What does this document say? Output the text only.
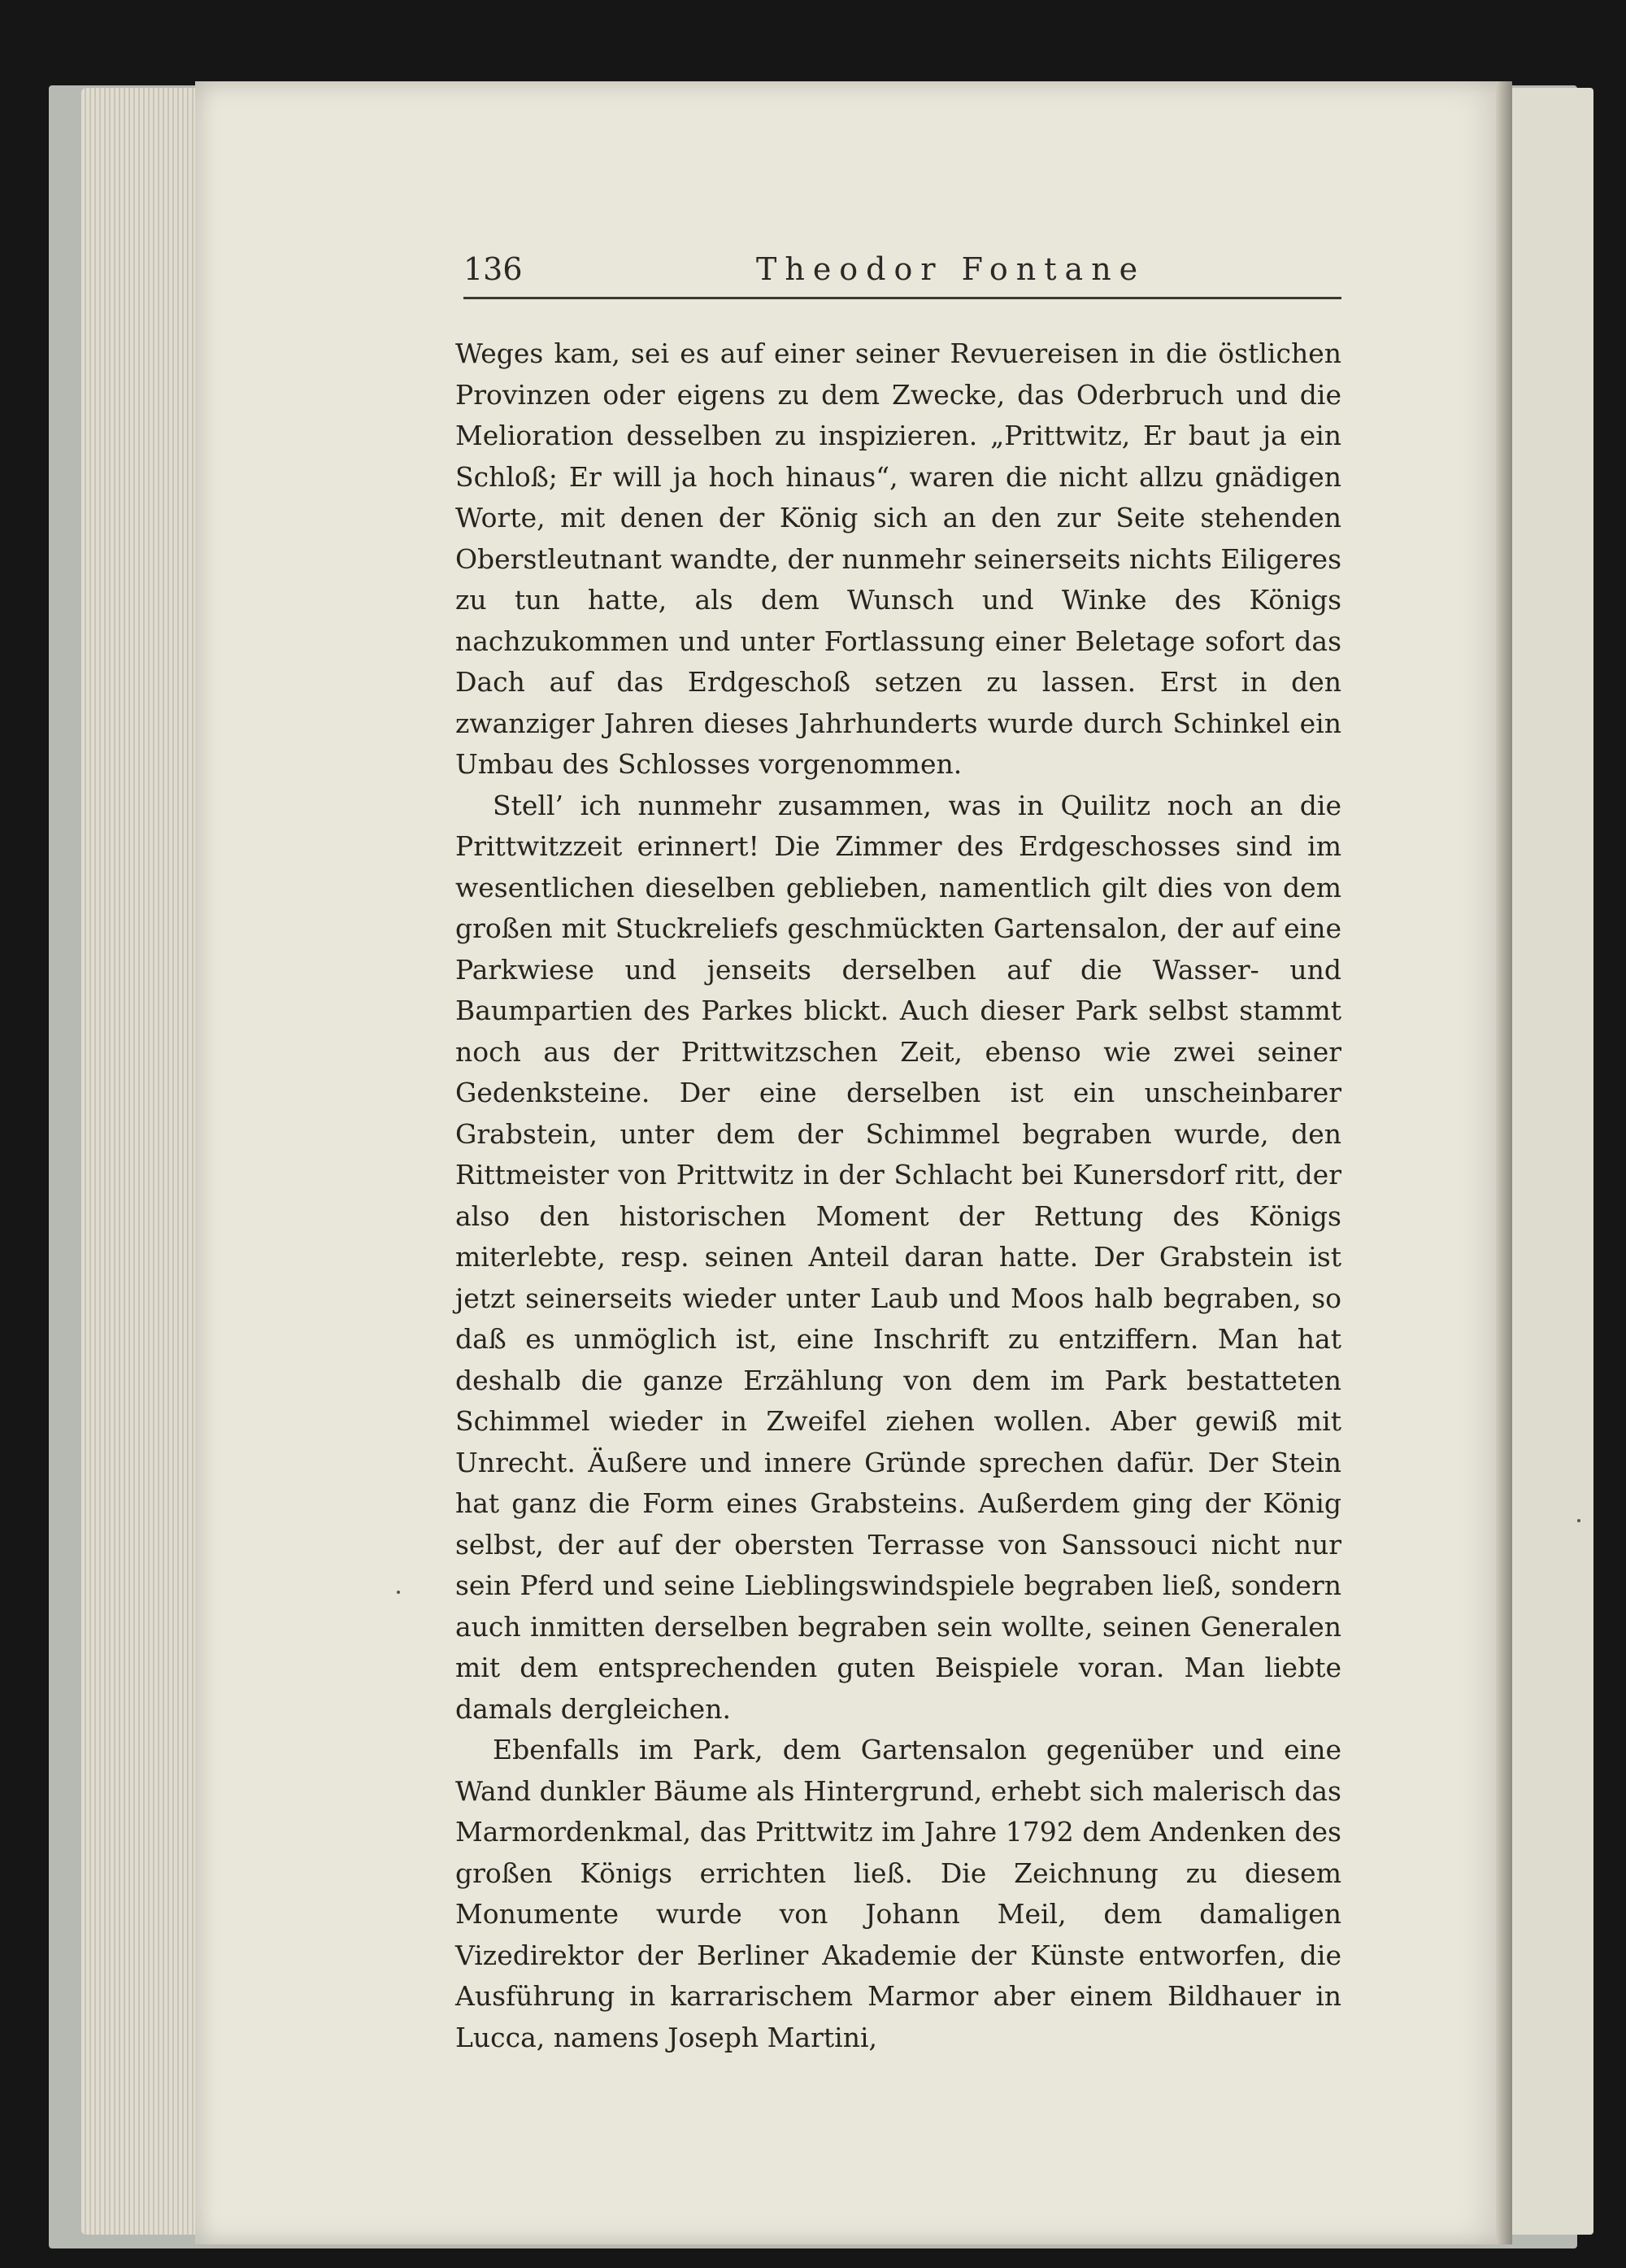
136	Theodor Fontane

Weges kam, sei es auf einer seiner Revuereisen in die östlichen Provinzen oder eigens zu dem Zwecke, das Oderbruch und die Melioration desselben zu inspizieren. „Prittwitz, Er baut ja ein Schloß; Er will ja hoch hinaus“, waren die nicht allzu gnädigen Worte, mit denen der König sich an den zur Seite stehenden Oberstleutnant wandte, der nunmehr seinerseits nichts Eiligeres zu tun hatte, als dem Wunsch und Winke des Königs nachzukommen und unter Fortlassung einer Beletage sofort das Dach auf das Erdgeschoß setzen zu lassen. Erst in den zwanziger Jahren dieses Jahrhunderts wurde durch Schinkel ein Umbau des Schlosses vorgenommen.

Stell’ ich nunmehr zusammen, was in Quilitz noch an die Prittwitzzeit erinnert! Die Zimmer des Erdgeschosses sind im wesentlichen dieselben geblieben, namentlich gilt dies von dem großen mit Stuckreliefs geschmückten Gartensalon, der auf eine Parkwiese und jenseits derselben auf die Wasser- und Baumpartien des Parkes blickt. Auch dieser Park selbst stammt noch aus der Prittwitzschen Zeit, ebenso wie zwei seiner Gedenksteine. Der eine derselben ist ein unscheinbarer Grabstein, unter dem der Schimmel begraben wurde, den Rittmeister von Prittwitz in der Schlacht bei Kunersdorf ritt, der also den historischen Moment der Rettung des Königs miterlebte, resp. seinen Anteil daran hatte. Der Grabstein ist jetzt seinerseits wieder unter Laub und Moos halb begraben, so daß es unmöglich ist, eine Inschrift zu entziffern. Man hat deshalb die ganze Erzählung von dem im Park bestatteten Schimmel wieder in Zweifel ziehen wollen. Aber gewiß mit Unrecht. Äußere und innere Gründe sprechen dafür. Der Stein hat ganz die Form eines Grabsteins. Außerdem ging der König selbst, der auf der obersten Terrasse von Sanssouci nicht nur sein Pferd und seine Lieblingswindspiele begraben ließ, sondern auch inmitten derselben begraben sein wollte, seinen Generalen mit dem entsprechenden guten Beispiele voran. Man liebte damals dergleichen.

Ebenfalls im Park, dem Gartensalon gegenüber und eine Wand dunkler Bäume als Hintergrund, erhebt sich malerisch das Marmordenkmal, das Prittwitz im Jahre 1792 dem Andenken des großen Königs errichten ließ. Die Zeichnung zu diesem Monumente wurde von Johann Meil, dem damaligen Vizedirektor der Berliner Akademie der Künste entworfen, die Ausführung in karrarischem Marmor aber einem Bildhauer in Lucca, namens Joseph Martini,
